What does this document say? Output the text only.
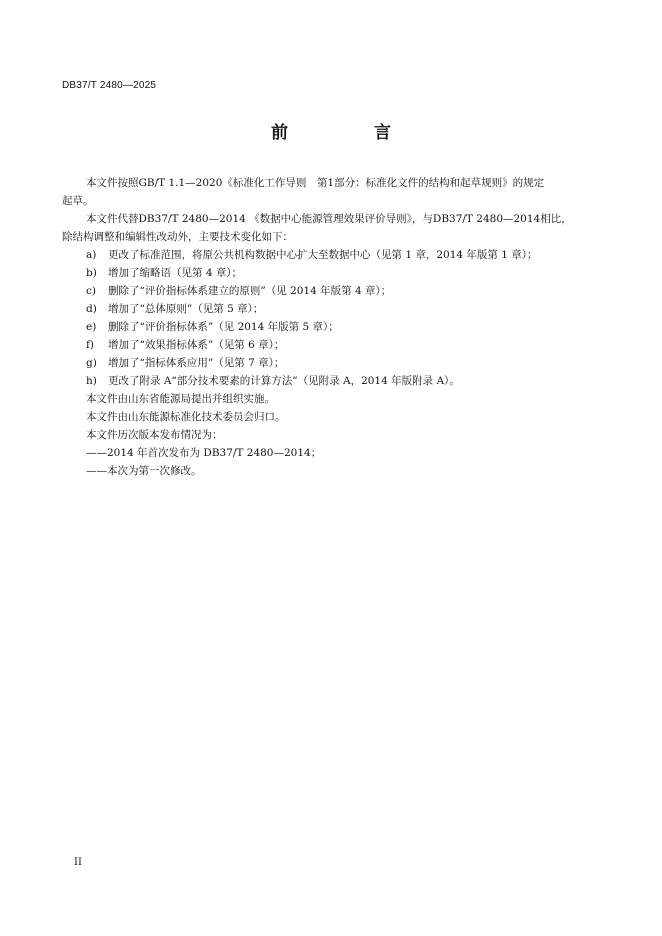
DB37/T 2480—2025
前 言

本文件按照GB/T 1.1—2020《标准化工作导则　第1部分：标准化文件的结构和起草规则》的规定

起草。

本文件代替DB37/T 2480—2014 《数据中心能源管理效果评价导则》，与DB37/T 2480—2014相比，

除结构调整和编辑性改动外，主要技术变化如下：

a)	更改了标准范围，将原公共机构数据中心扩大至数据中心（见第 1 章，2014 年版第 1 章）；
b)	增加了缩略语（见第 4 章）；
c)	删除了“评价指标体系建立的原则”（见 2014 年版第 4 章）；
d)	增加了“总体原则”（见第 5 章）；
e)	删除了“评价指标体系”（见 2014 年版第 5 章）；
f)	增加了“效果指标体系”（见第 6 章）；
g)	增加了“指标体系应用”（见第 7 章）；
h)	更改了附录 A“部分技术要素的计算方法”（见附录 A，2014 年版附录 A）。

本文件由山东省能源局提出并组织实施。

本文件由山东能源标准化技术委员会归口。

本文件历次版本发布情况为：

——2014 年首次发布为 DB37/T 2480—2014；

——本次为第一次修改。

II
